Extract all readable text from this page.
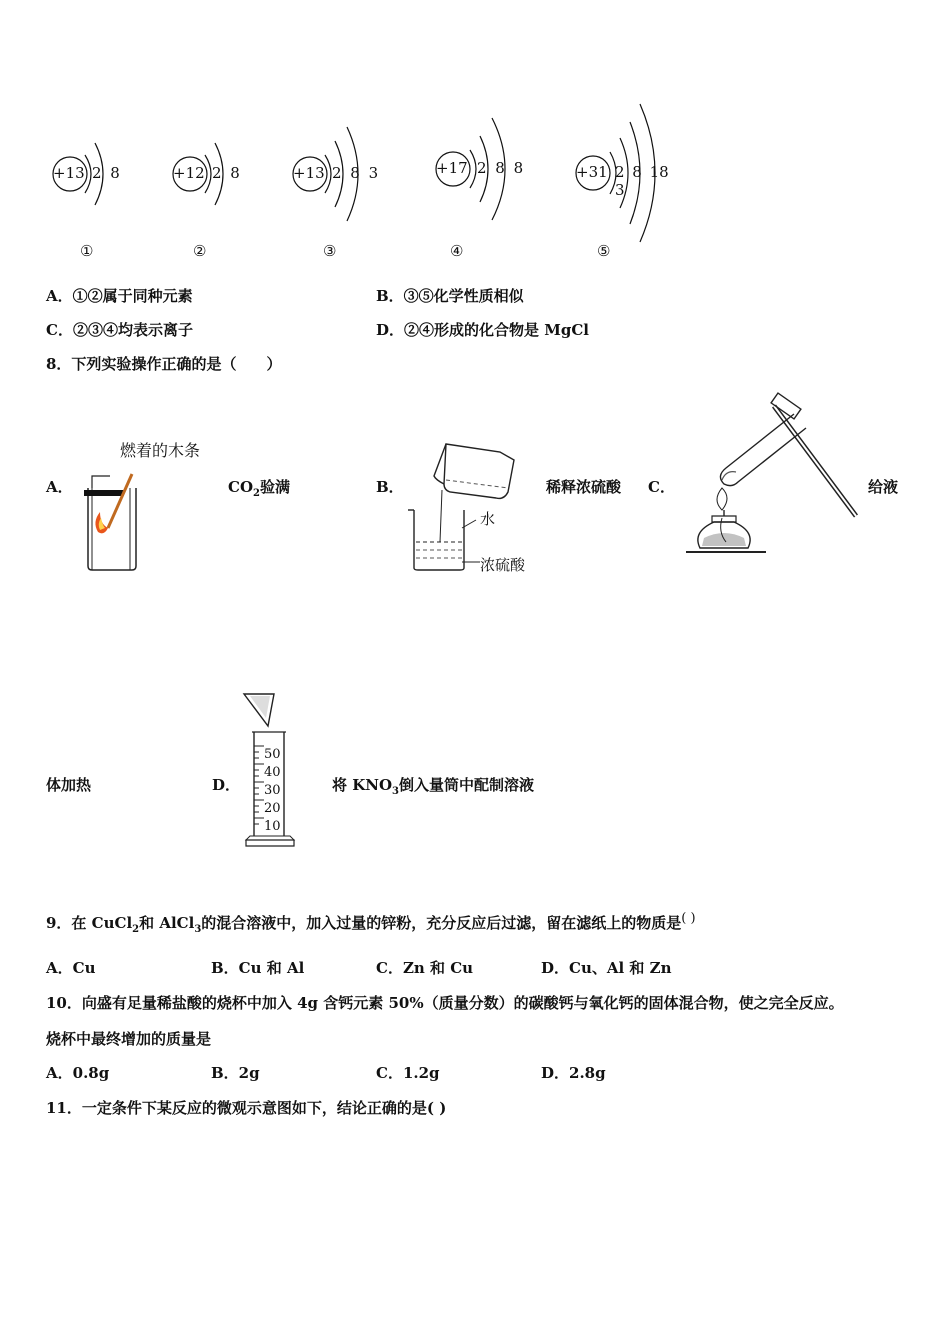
+13 2 8
①
+12 2 8
②
+13 2 8 3
③
+17 2 8 8
④
+31 2 8 18 3
⑤
A．①②属于同种元素	B．③⑤化学性质相似
C．②③④均表示离子	D．②④形成的化合物是 MgCl
8．下列实验操作正确的是（　　）
A．
燃着的木条
$CO_2$验满	B．
水
浓硫酸
稀释浓硫酸 C．	给液
体加热	D．
50
40
30
20
10
将 $KNO_3$倒入量筒中配制溶液
9．在 CuCl$_2$和 AlCl$_3$的混合溶液中，加入过量的锌粉，充分反应后过滤，留在滤纸上的物质是( )
A．Cu	B．Cu 和 Al	C．Zn 和 Cu	D．Cu、Al 和 Zn
10．向盛有足量稀盐酸的烧杯中加入 4g 含钙元素 50%（质量分数）的碳酸钙与氧化钙的固体混合物，使之完全反应。
烧杯中最终增加的质量是
A．0.8g	B．2g	C．1.2g	D．2.8g
11．一定条件下某反应的微观示意图如下，结论正确的是( )
